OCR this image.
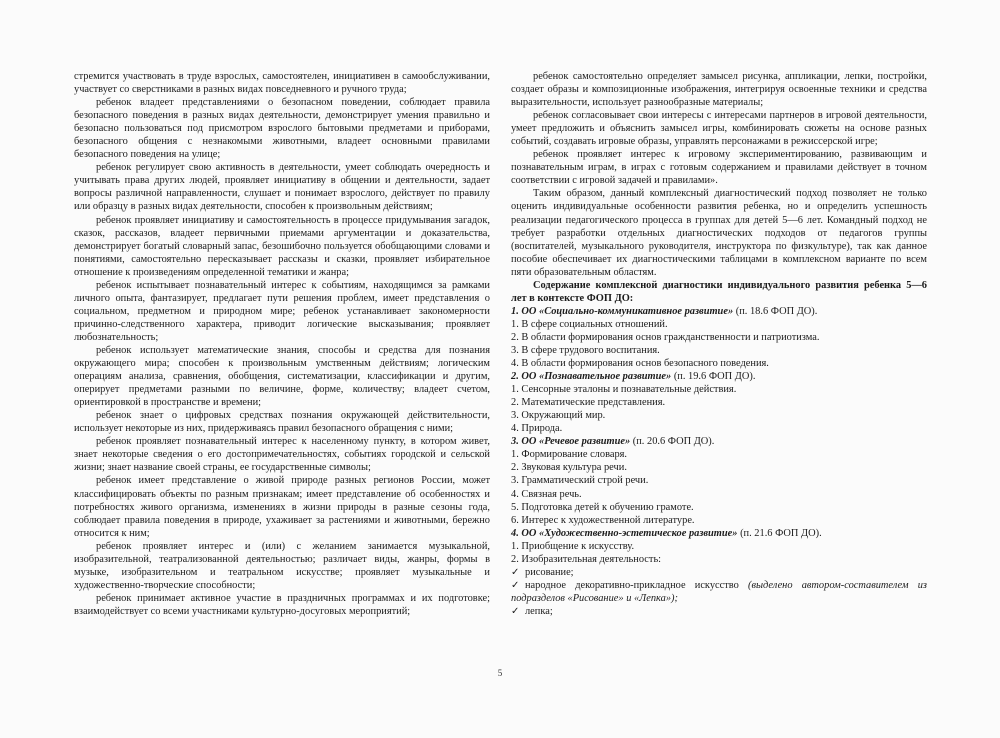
стремится участвовать в труде взрослых, самостоятелен, инициативен в самообслуживании, участвует со сверстниками в разных видах повседневного и ручного труда;

ребенок владеет представлениями о безопасном поведении, соблюдает правила безопасного поведения в разных видах деятельности, демонстрирует умения правильно и безопасно пользоваться под присмотром взрослого бытовыми предметами и приборами, безопасного общения с незнакомыми животными, владеет основными правилами безопасного поведения на улице;

ребенок регулирует свою активность в деятельности, умеет соблюдать очередность и учитывать права других людей, проявляет инициативу в общении и деятельности, задает вопросы различной направленности, слушает и понимает взрослого, действует по правилу или образцу в разных видах деятельности, способен к произвольным действиям;

ребенок проявляет инициативу и самостоятельность в процессе придумывания загадок, сказок, рассказов, владеет первичными приемами аргументации и доказательства, демонстрирует богатый словарный запас, безошибочно пользуется обобщающими словами и понятиями, самостоятельно пересказывает рассказы и сказки, проявляет избирательное отношение к произведениям определенной тематики и жанра;

ребенок испытывает познавательный интерес к событиям, находящимся за рамками личного опыта, фантазирует, предлагает пути решения проблем, имеет представления о социальном, предметном и природном мире; ребенок устанавливает закономерности причинно-следственного характера, приводит логические высказывания; проявляет любознательность;

ребенок использует математические знания, способы и средства для познания окружающего мира; способен к произвольным умственным действиям; логическим операциям анализа, сравнения, обобщения, систематизации, классификации и другим, оперирует предметами разными по величине, форме, количеству; владеет счетом, ориентировкой в пространстве и времени;

ребенок знает о цифровых средствах познания окружающей действительности, использует некоторые из них, придерживаясь правил безопасного обращения с ними;

ребенок проявляет познавательный интерес к населенному пункту, в котором живет, знает некоторые сведения о его достопримечательностях, событиях городской и сельской жизни; знает название своей страны, ее государственные символы;

ребенок имеет представление о живой природе разных регионов России, может классифицировать объекты по разным признакам; имеет представление об особенностях и потребностях живого организма, изменениях в жизни природы в разные сезоны года, соблюдает правила поведения в природе, ухаживает за растениями и животными, бережно относится к ним;

ребенок проявляет интерес и (или) с желанием занимается музыкальной, изобразительной, театрализованной деятельностью; различает виды, жанры, формы в музыке, изобразительном и театральном искусстве; проявляет музыкальные и художественно-творческие способности;

ребенок принимает активное участие в праздничных программах и их подготовке; взаимодействует со всеми участниками культурно-досуговых мероприятий;

ребенок самостоятельно определяет замысел рисунка, аппликации, лепки, постройки, создает образы и композиционные изображения, интегрируя освоенные техники и средства выразительности, использует разнообразные материалы;

ребенок согласовывает свои интересы с интересами партнеров в игровой деятельности, умеет предложить и объяснить замысел игры, комбинировать сюжеты на основе разных событий, создавать игровые образы, управлять персонажами в режиссерской игре;

ребенок проявляет интерес к игровому экспериментированию, развивающим и познавательным играм, в играх с готовым содержанием и правилами действует в точном соответствии с игровой задачей и правилами».

Таким образом, данный комплексный диагностический подход позволяет не только оценить индивидуальные особенности развития ребенка, но и определить успешность реализации педагогического процесса в группах для детей 5—6 лет. Командный подход не требует разработки отдельных диагностических подходов от педагогов группы (воспитателей, музыкального руководителя, инструктора по физкультуре), так как данное пособие обеспечивает их диагностическими таблицами в комплексном варианте по всем пяти образовательным областям.

Содержание комплексной диагностики индивидуального развития ребенка 5—6 лет в контексте ФОП ДО:

1. ОО «Социально-коммуникативное развитие» (п. 18.6 ФОП ДО).

1. В сфере социальных отношений.

2. В области формирования основ гражданственности и патриотизма.

3. В сфере трудового воспитания.

4. В области формирования основ безопасного поведения.

2. ОО «Познавательное развитие» (п. 19.6 ФОП ДО).

1. Сенсорные эталоны и познавательные действия.

2. Математические представления.

3. Окружающий мир.

4. Природа.

3. ОО «Речевое развитие» (п. 20.6 ФОП ДО).

1. Формирование словаря.

2. Звуковая культура речи.

3. Грамматический строй речи.

4. Связная речь.

5. Подготовка детей к обучению грамоте.

6. Интерес к художественной литературе.

4. ОО «Художественно-эстетическое развитие» (п. 21.6 ФОП ДО).

1. Приобщение к искусству.

2. Изобразительная деятельность:

✓ рисование;

✓ народное декоративно-прикладное искусство (выделено автором-составителем из подразделов «Рисование» и «Лепка»);

✓ лепка;

5
